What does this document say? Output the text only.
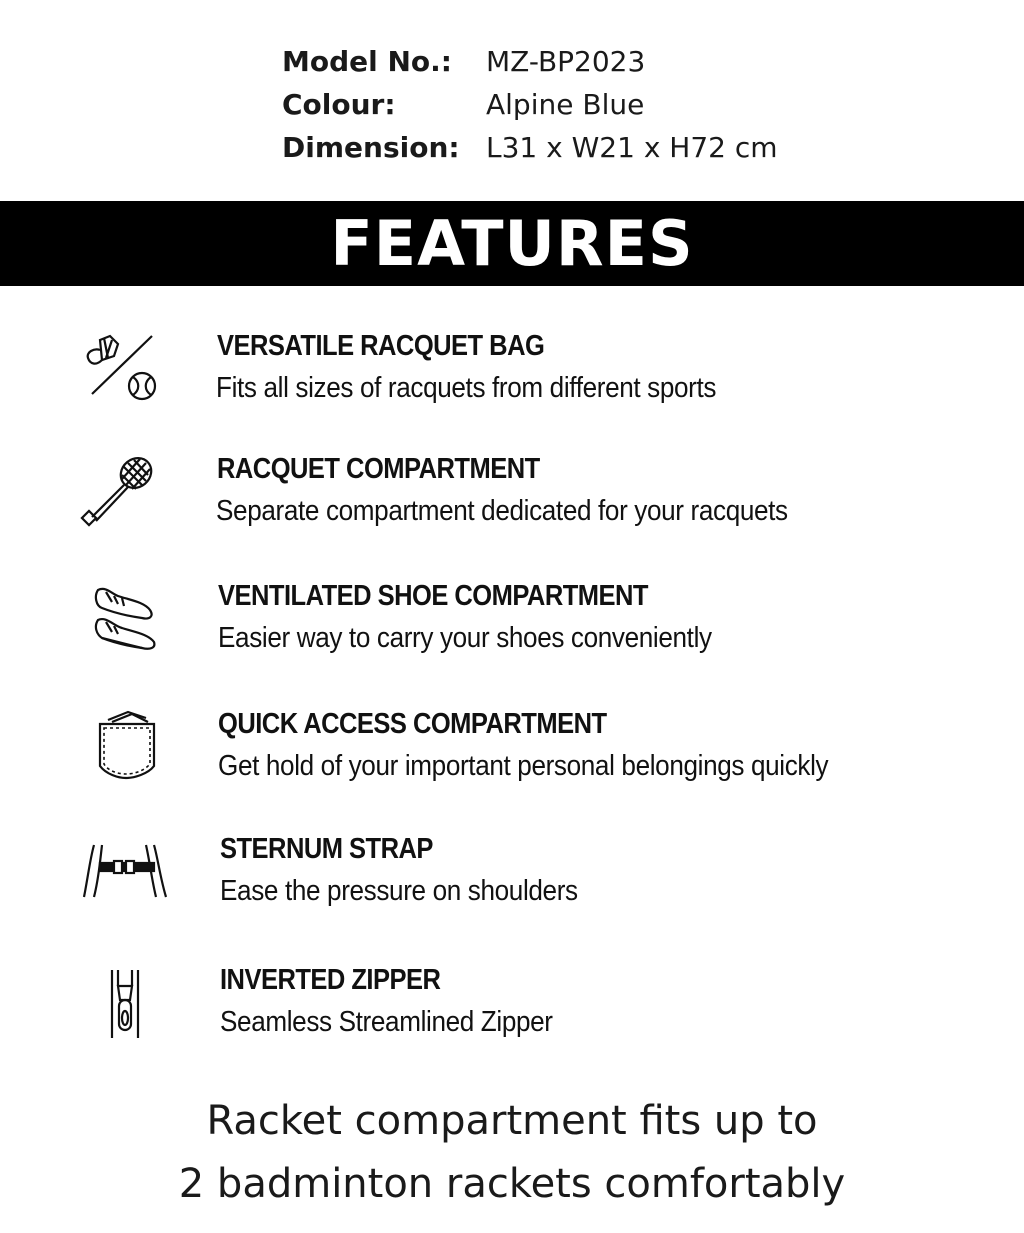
Model No.:	MZ-BP2023
Colour:	Alpine Blue
Dimension: L31 x W21 x H72 cm
FEATURES
VERSATILE RACQUET BAG
Fits all sizes of racquets from different sports
RACQUET COMPARTMENT
Separate compartment dedicated for your racquets
VENTILATED SHOE COMPARTMENT
Easier way to carry your shoes conveniently
QUICK ACCESS COMPARTMENT
Get hold of your important personal belongings quickly
STERNUM STRAP
Ease the pressure on shoulders
INVERTED ZIPPER
Seamless Streamlined Zipper
Racket compartment fits up to
2 badminton rackets comfortably
